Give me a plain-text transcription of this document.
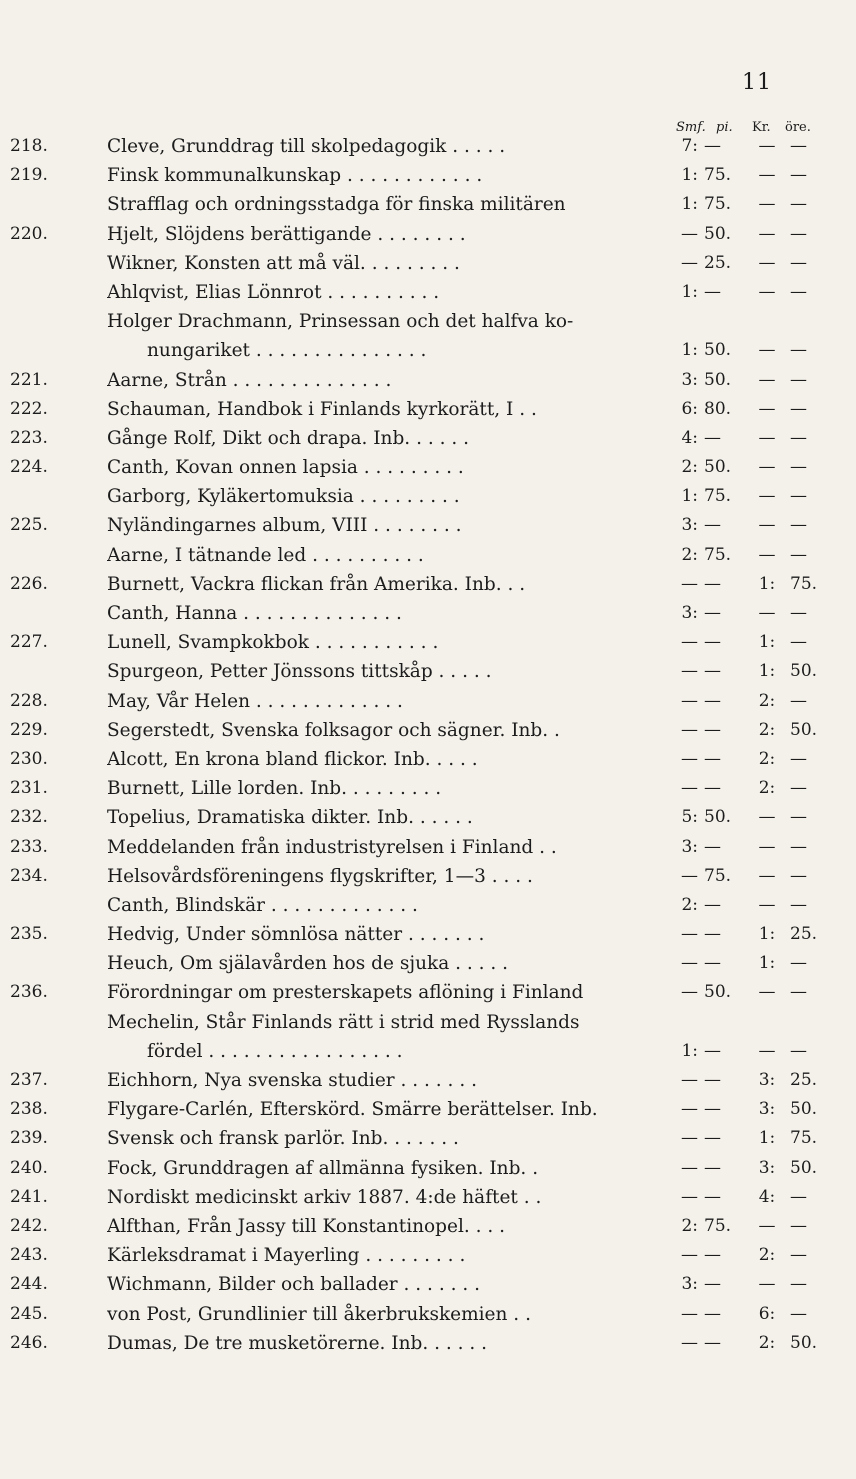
11
Smf. pi. Kr. öre.
218.	Cleve, Grunddrag till skolpedagogik . . . . .	7: —	— —
219.	Finsk kommunalkunskap . . . . . . . . . . . .	1: 75.	— —
Strafflag och ordningsstadga för finska militären	1: 75.	— —
220.	Hjelt, Slöjdens berättigande . . . . . . . .	— 50.	— —
Wikner, Konsten att må väl. . . . . . . . .	— 25.	— —
Ahlqvist, Elias Lönnrot . . . . . . . . . .	1: —	— —
Holger Drachmann, Prinsessan och det halfva ko-
nungariket . . . . . . . . . . . . . . .	1: 50.	— —
221.	Aarne, Strån . . . . . . . . . . . . . .	3: 50.	— —
222.	Schauman, Handbok i Finlands kyrkorätt, I . .	6: 80.	— —
223.	Gånge Rolf, Dikt och drapa. Inb. . . . . .	4: —	— —
224.	Canth, Kovan onnen lapsia . . . . . . . . .	2: 50.	— —
Garborg, Kyläkertomuksia . . . . . . . . .	1: 75.	— —
225.	Nyländingarnes album, VIII . . . . . . . .	3: —	— —
Aarne, I tätnande led . . . . . . . . . .	2: 75.	— —
226.	Burnett, Vackra flickan från Amerika. Inb. . .	— —	1: 75.
Canth, Hanna . . . . . . . . . . . . . .	3: —	— —
227.	Lunell, Svampkokbok . . . . . . . . . . .	— —	1: —
Spurgeon, Petter Jönssons tittskåp . . . . .	— —	1: 50.
228.	May, Vår Helen . . . . . . . . . . . . .	— —	2: —
229.	Segerstedt, Svenska folksagor och sägner. Inb. .	— —	2: 50.
230.	Alcott, En krona bland flickor. Inb. . . . .	— —	2: —
231.	Burnett, Lille lorden. Inb. . . . . . . . .	— —	2: —
232.	Topelius, Dramatiska dikter. Inb. . . . . .	5: 50.	— —
233.	Meddelanden från industristyrelsen i Finland . .	3: —	— —
234.	Helsovårdsföreningens flygskrifter, 1—3 . . . .	— 75.	— —
Canth, Blindskär . . . . . . . . . . . . .	2: —	— —
235.	Hedvig, Under sömnlösa nätter . . . . . . .	— —	1: 25.
Heuch, Om själavården hos de sjuka . . . . .	— —	1: —
236.	Förordningar om presterskapets aflöning i Finland	— 50.	— —
Mechelin, Står Finlands rätt i strid med Rysslands
fördel . . . . . . . . . . . . . . . . .	1: —	— —
237.	Eichhorn, Nya svenska studier . . . . . . .	— —	3: 25.
238.	Flygare-Carlén, Efterskörd. Smärre berättelser. Inb.	— —	3: 50.
239.	Svensk och fransk parlör. Inb. . . . . . .	— —	1: 75.
240.	Fock, Grunddragen af allmänna fysiken. Inb. .	— —	3: 50.
241.	Nordiskt medicinskt arkiv 1887. 4:de häftet . .	— —	4: —
242.	Alfthan, Från Jassy till Konstantinopel. . . .	2: 75.	— —
243.	Kärleksdramat i Mayerling . . . . . . . . .	— —	2: —
244.	Wichmann, Bilder och ballader . . . . . . .	3: —	— —
245.	von Post, Grundlinier till åkerbrukskemien . .	— —	6: —
246.	Dumas, De tre musketörerne. Inb. . . . . .	— —	2: 50.
